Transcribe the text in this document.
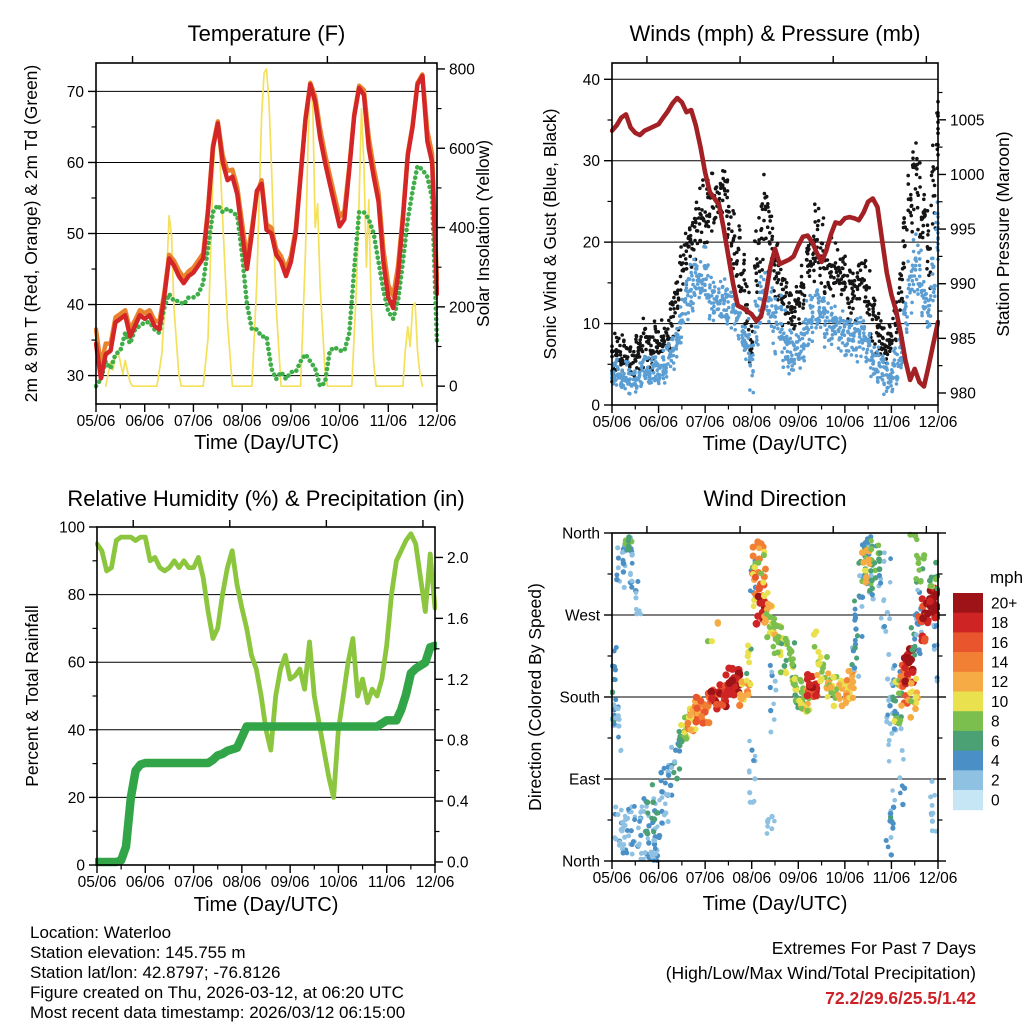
05/06 06/06 07/06 08/06 09/06 10/06 11/06 12/06
30
40
50
60
70
0
200
400
600
800
Temperature (F)
Time (Day/UTC)
2m & 9m T (Red, Orange) & 2m Td (Green)	Solar Insolation (Yellow)
05/06 06/06 07/06 08/06 09/06 10/06 11/06 12/06
0
20
40
60
80
100
0.0
0.4
0.8
1.2
1.6
2.0
Relative Humidity (%) & Precipitation (in)
Time (Day/UTC)
Percent & Total Rainfall
05/06 06/06 07/06 08/06 09/06 10/06 11/06 12/06
0
10
20
30
40
980
985
990
995
1000
1005
Winds (mph) & Pressure (mb)
Time (Day/UTC)
Sonic Wind & Gust (Blue, Black)	Station Pressure (Maroon)
05/06 06/06 07/06 08/06 09/06 10/06 11/06 12/06
North
East
South
West
North
Wind Direction
Time (Day/UTC)
Direction (Colored By Speed)
mph
20+
18
16
14
12
10
8
6
4
2
0
Location: Waterloo
Station elevation: 145.755 m
Station lat/lon: 42.8797; -76.8126
Figure created on Thu, 2026-03-12, at 06:20 UTC
Most recent data timestamp: 2026/03/12 06:15:00
Extremes For Past 7 Days
(High/Low/Max Wind/Total Precipitation)
72.2/29.6/25.5/1.42
